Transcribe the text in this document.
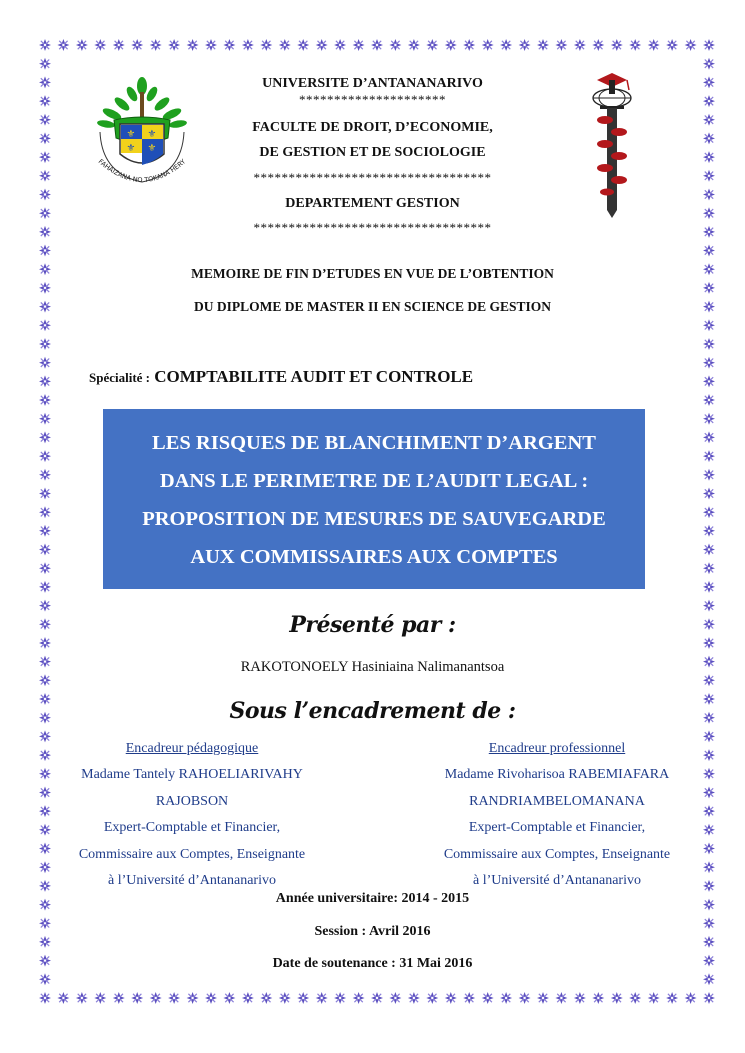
⚜ ⚜
⚜ ⚜
FAHAIZANA NO TOKANA HERY
UNIVERSITE D’ANTANANARIVO
*********************
FACULTE DE DROIT, D’ECONOMIE,
DE GESTION ET DE SOCIOLOGIE
**********************************
DEPARTEMENT GESTION
**********************************
MEMOIRE DE FIN D’ETUDES EN VUE DE L’OBTENTION
DU DIPLOME DE MASTER II EN SCIENCE DE GESTION
Spécialité : COMPTABILITE AUDIT ET CONTROLE
LES RISQUES DE BLANCHIMENT D’ARGENT
DANS LE PERIMETRE DE L’AUDIT LEGAL :
PROPOSITION DE MESURES DE SAUVEGARDE
AUX COMMISSAIRES AUX COMPTES
Présenté par :
RAKOTONOELY Hasiniaina Nalimanantsoa
Sous l’encadrement de :
Encadreur pédagogique
Madame Tantely RAHOELIARIVAHY
RAJOBSON
Expert-Comptable et Financier,
Commissaire aux Comptes, Enseignante
à l’Université d’Antananarivo
Encadreur professionnel
Madame Rivoharisoa RABEMIAFARA
RANDRIAMBELOMANANA
Expert-Comptable et Financier,
Commissaire aux Comptes, Enseignante
à l’Université d’Antananarivo
Année universitaire: 2014 - 2015
Session : Avril 2016
Date de soutenance : 31 Mai 2016
